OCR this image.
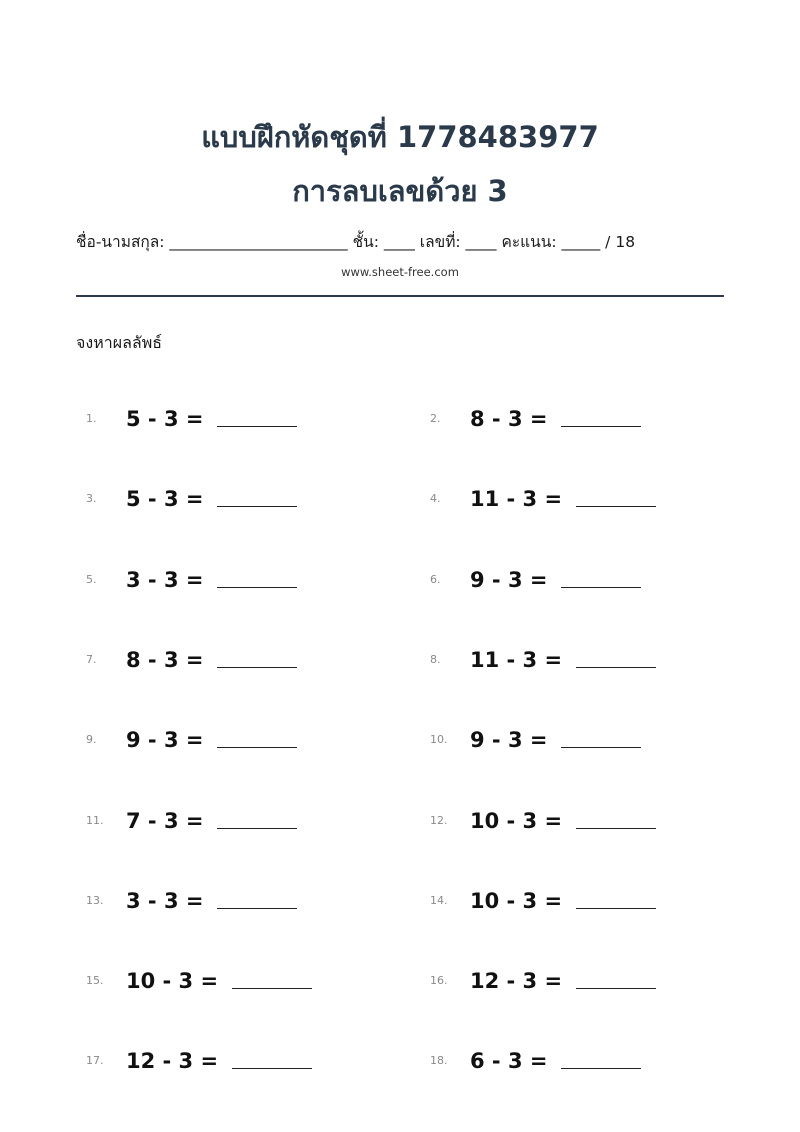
แบบฝึกหัดชุดที่ 1778483977
การลบเลขด้วย 3
ชื่อ-นามสกุล: _______________________ ชั้น: ____ เลขที่: ____ คะแนน: _____ / 18
www.sheet-free.com
จงหาผลลัพธ์
1. 5 - 3 =	2. 8 - 3 =
3. 5 - 3 =	4. 11 - 3 =
5. 3 - 3 =	6. 9 - 3 =
7. 8 - 3 =	8. 11 - 3 =
9. 9 - 3 =	10. 9 - 3 =
11. 7 - 3 =	12. 10 - 3 =
13. 3 - 3 =	14. 10 - 3 =
15. 10 - 3 =	16. 12 - 3 =
17. 12 - 3 =	18. 6 - 3 =
